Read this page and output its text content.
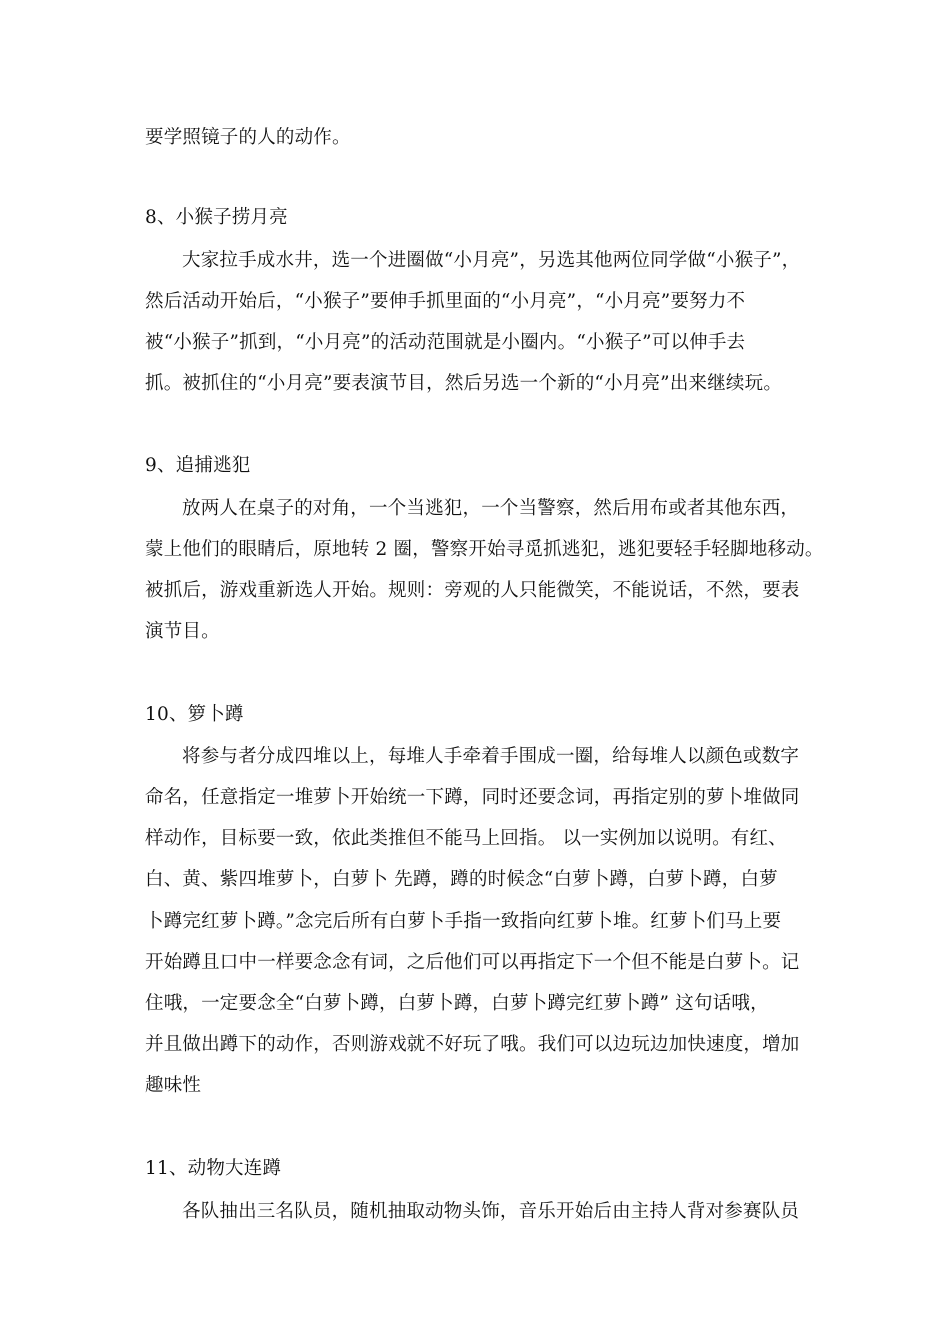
要学照镜子的人的动作。
8、小猴子捞月亮
大家拉手成水井，选一个进圈做“小月亮”，另选其他两位同学做“小猴子”，
然后活动开始后，“小猴子”要伸手抓里面的“小月亮”，“小月亮”要努力不
被“小猴子”抓到，“小月亮”的活动范围就是小圈内。“小猴子”可以伸手去
抓。被抓住的“小月亮”要表演节目，然后另选一个新的“小月亮”出来继续玩。
9、追捕逃犯
放两人在桌子的对角，一个当逃犯，一个当警察，然后用布或者其他东西，
蒙上他们的眼睛后，原地转 2 圈，警察开始寻觅抓逃犯，逃犯要轻手轻脚地移动。
被抓后，游戏重新选人开始。规则：旁观的人只能微笑，不能说话，不然，要表
演节目。
10、箩卜蹲
将参与者分成四堆以上，每堆人手牵着手围成一圈，给每堆人以颜色或数字
命名，任意指定一堆萝卜开始统一下蹲，同时还要念词，再指定别的萝卜堆做同
样动作，目标要一致，依此类推但不能马上回指。 以一实例加以说明。有红、
白、黄、紫四堆萝卜，白萝卜 先蹲，蹲的时候念“白萝卜蹲，白萝卜蹲，白萝
卜蹲完红萝卜蹲。”念完后所有白萝卜手指一致指向红萝卜堆。红萝卜们马上要
开始蹲且口中一样要念念有词，之后他们可以再指定下一个但不能是白萝卜。记
住哦，一定要念全“白萝卜蹲，白萝卜蹲，白萝卜蹲完红萝卜蹲” 这句话哦，
并且做出蹲下的动作，否则游戏就不好玩了哦。我们可以边玩边加快速度，增加
趣味性
11、动物大连蹲
各队抽出三名队员，随机抽取动物头饰，音乐开始后由主持人背对参赛队员
